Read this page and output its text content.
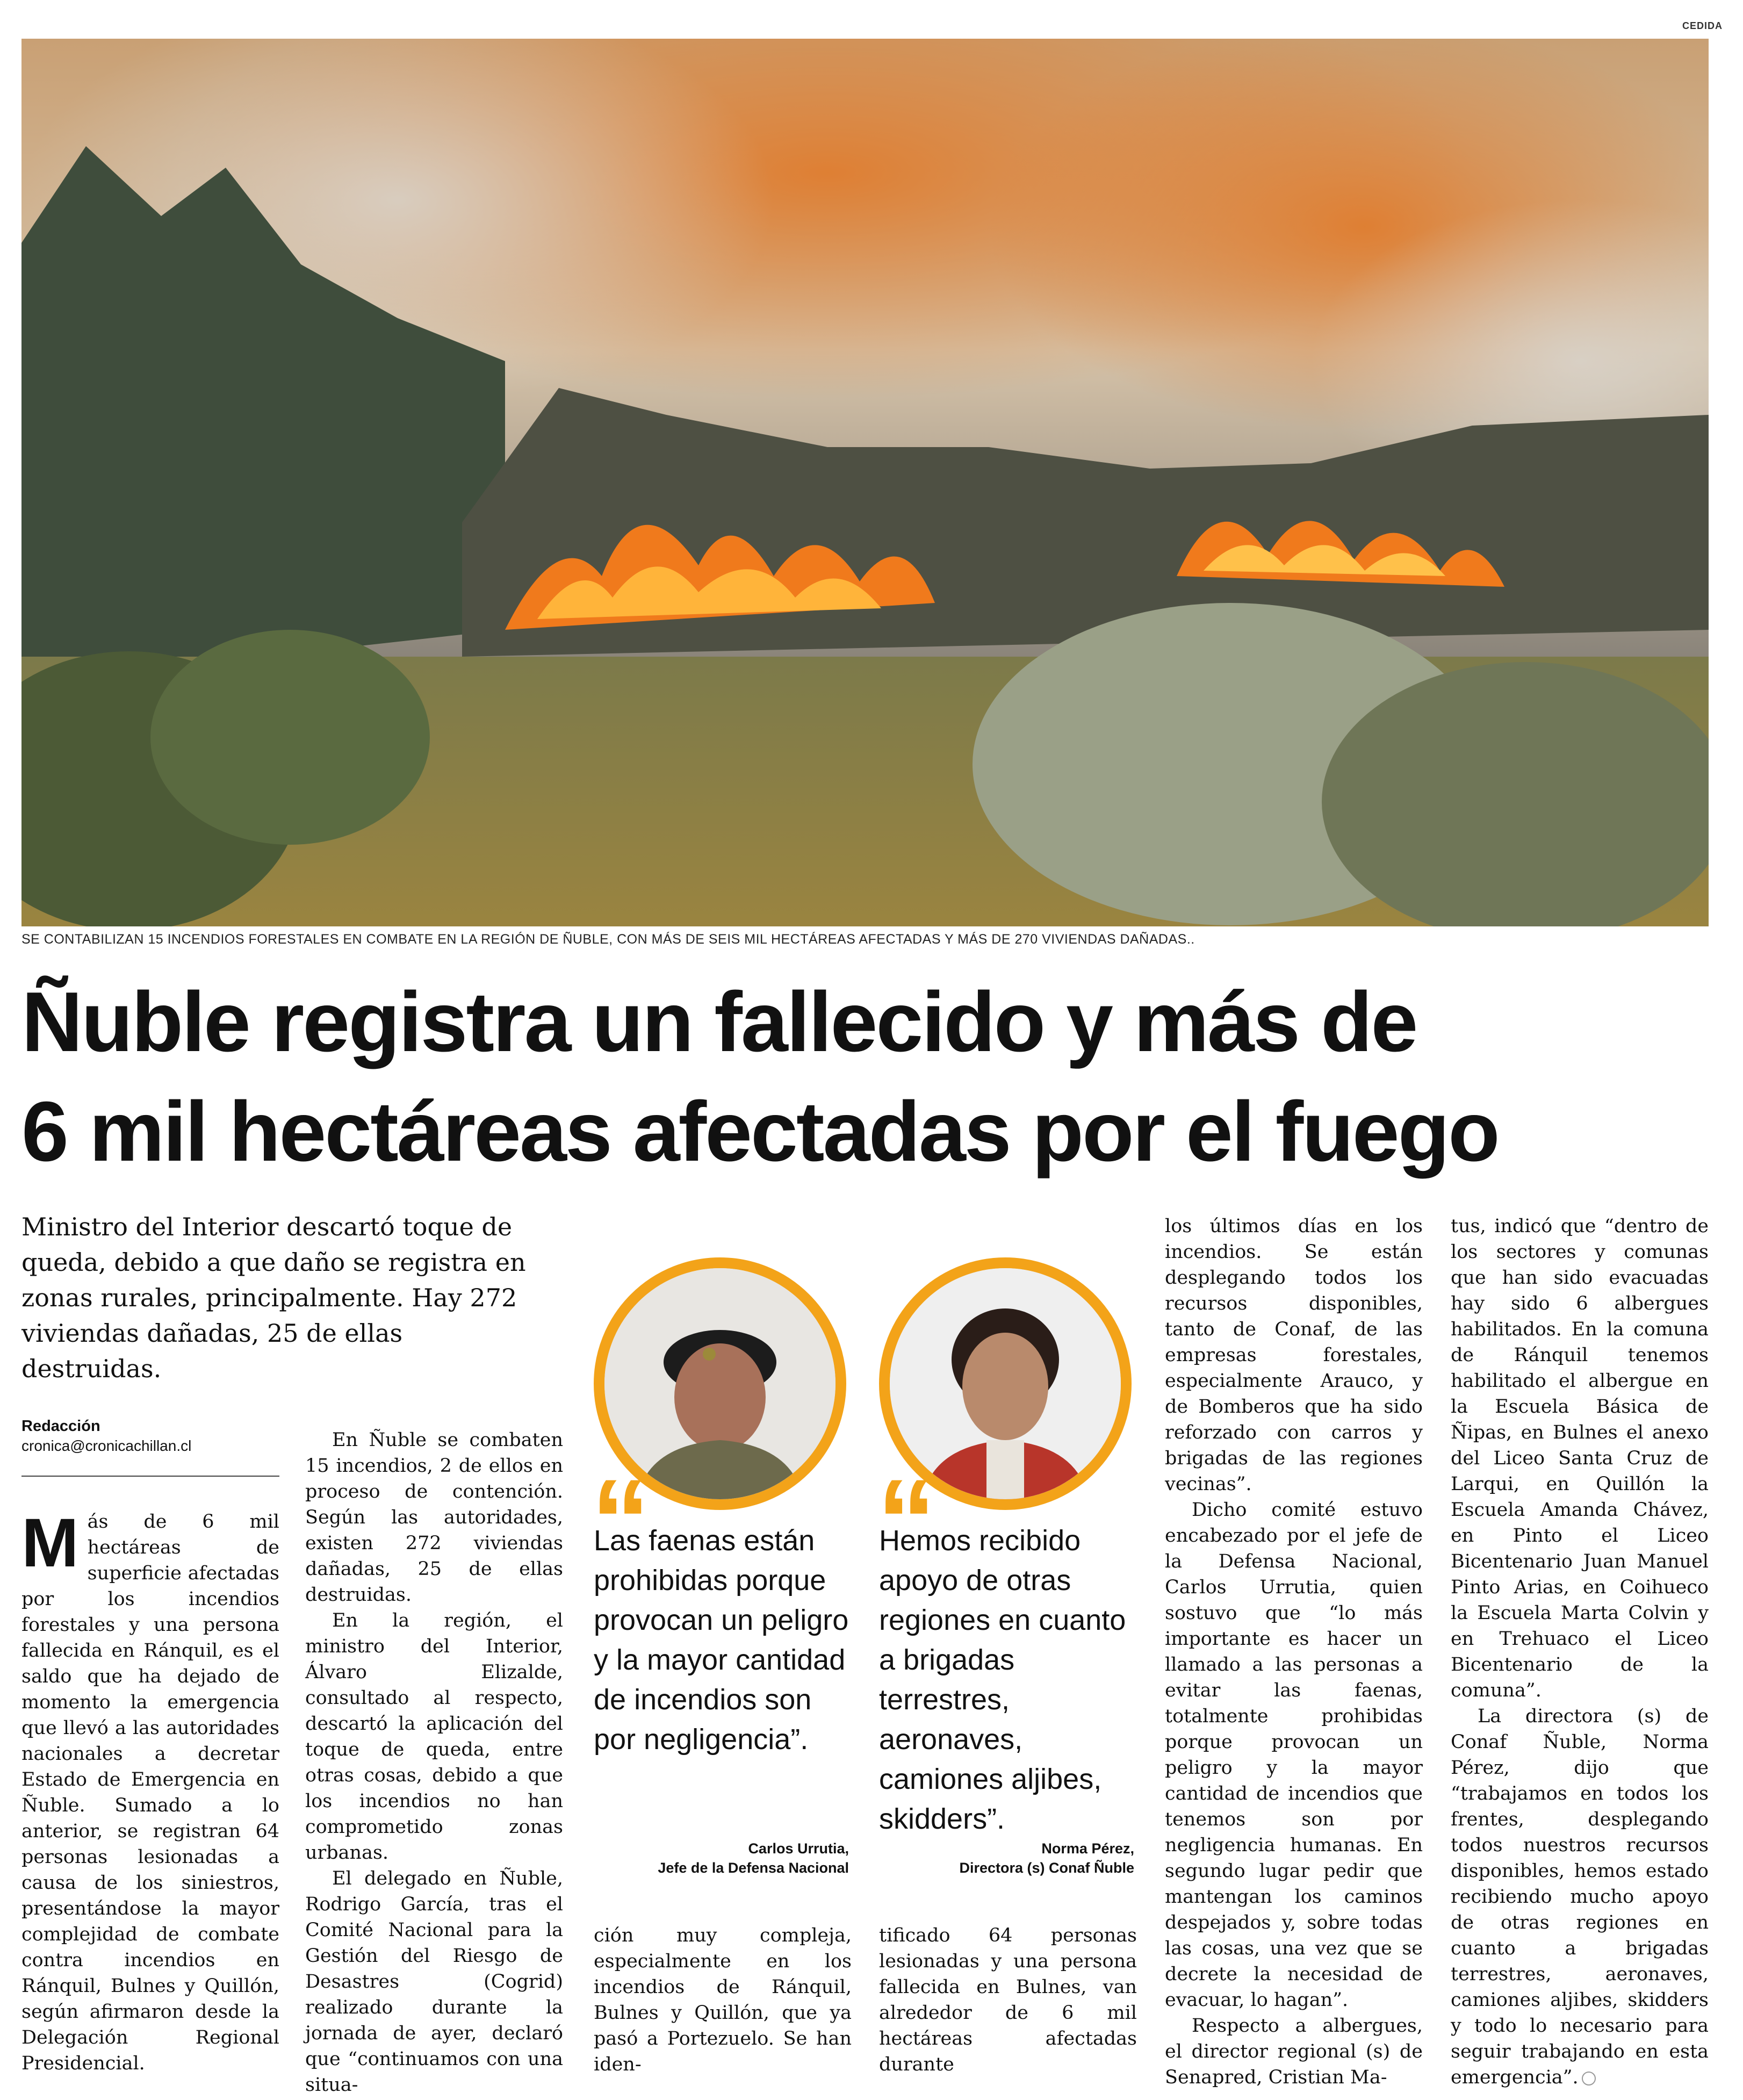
CEDIDA
SE CONTABILIZAN 15 INCENDIOS FORESTALES EN COMBATE EN LA REGIÓN DE ÑUBLE, CON MÁS DE SEIS MIL HECTÁREAS AFECTADAS Y MÁS DE 270 VIVIENDAS DAÑADAS..
Ñuble registra un fallecido y más de
6 mil hectáreas afectadas por el fuego

Ministro del Interior descartó toque de queda, debido a que daño se registra en zonas rurales, principalmente. Hay 272 viviendas dañadas, 25 de ellas destruidas.

Redacción
cronica@cronicachillan.cl
M ás de 6 mil hectáreas de superficie afectadas por los incendios forestales y una persona fallecida en Ránquil, es el saldo que ha dejado de momento la emergencia que llevó a las autoridades nacionales a decretar Estado de Emergencia en Ñuble. Sumado a lo anterior, se registran 64 personas lesionadas a causa de los siniestros, presentándose la mayor complejidad de combate contra incendios en Ránquil, Bulnes y Quillón, según afirmaron desde la Delegación Regional Presidencial.

En Ñuble se combaten 15 incendios, 2 de ellos en proceso de contención. Según las autoridades, existen 272 viviendas dañadas, 25 de ellas destruidas.

En la región, el ministro del Interior, Álvaro Elizalde, consultado al respecto, descartó la aplicación del toque de queda, entre otras cosas, debido a que los incendios no han comprometido zonas urbanas.

El delegado en Ñuble, Rodrigo García, tras el Comité Nacional para la Gestión del Riesgo de Desastres (Cogrid) realizado durante la jornada de ayer, declaró que “continuamos con una situa-

“

Las faenas están prohibidas porque provocan un peligro y la mayor cantidad de incendios son por negligencia”.

Carlos Urrutia,
Jefe de la Defensa Nacional
“

Hemos recibido apoyo de otras regiones en cuanto a brigadas terrestres, aeronaves, camiones aljibes, skidders”.

Norma Pérez,
Directora (s) Conaf Ñuble

ción muy compleja, especialmente en los incendios de Ránquil, Bulnes y Quillón, que ya pasó a Portezuelo. Se han iden-

tificado 64 personas lesionadas y una persona fallecida en Bulnes, van alrededor de 6 mil hectáreas afectadas durante

los últimos días en los incendios. Se están desplegando todos los recursos disponibles, tanto de Conaf, de las empresas forestales, especialmente Arauco, y de Bomberos que ha sido reforzado con carros y brigadas de las regiones vecinas”.

Dicho comité estuvo encabezado por el jefe de la Defensa Nacional, Carlos Urrutia, quien sostuvo que “lo más importante es hacer un llamado a las personas a evitar las faenas, totalmente prohibidas porque provocan un peligro y la mayor cantidad de incendios que tenemos son por negligencia humanas. En segundo lugar pedir que mantengan los caminos despejados y, sobre todas las cosas, una vez que se decrete la necesidad de evacuar, lo hagan”.

Respecto a albergues, el director regional (s) de Senapred, Cristian Ma-

tus, indicó que “dentro de los sectores y comunas que han sido evacuadas hay sido 6 albergues habilitados. En la comuna de Ránquil tenemos habilitado el albergue en la Escuela Básica de Ñipas, en Bulnes el anexo del Liceo Santa Cruz de Larqui, en Quillón la Escuela Amanda Chávez, en Pinto el Liceo Bicentenario Juan Manuel Pinto Arias, en Coihueco la Escuela Marta Colvin y en Trehuaco el Liceo Bicentenario de la comuna”.

La directora (s) de Conaf Ñuble, Norma Pérez, dijo que “trabajamos en todos los frentes, desplegando todos nuestros recursos disponibles, hemos estado recibiendo mucho apoyo de otras regiones en cuanto a brigadas terrestres, aeronaves, camiones aljibes, skidders y todo lo necesario para seguir trabajando en esta emergencia”.
